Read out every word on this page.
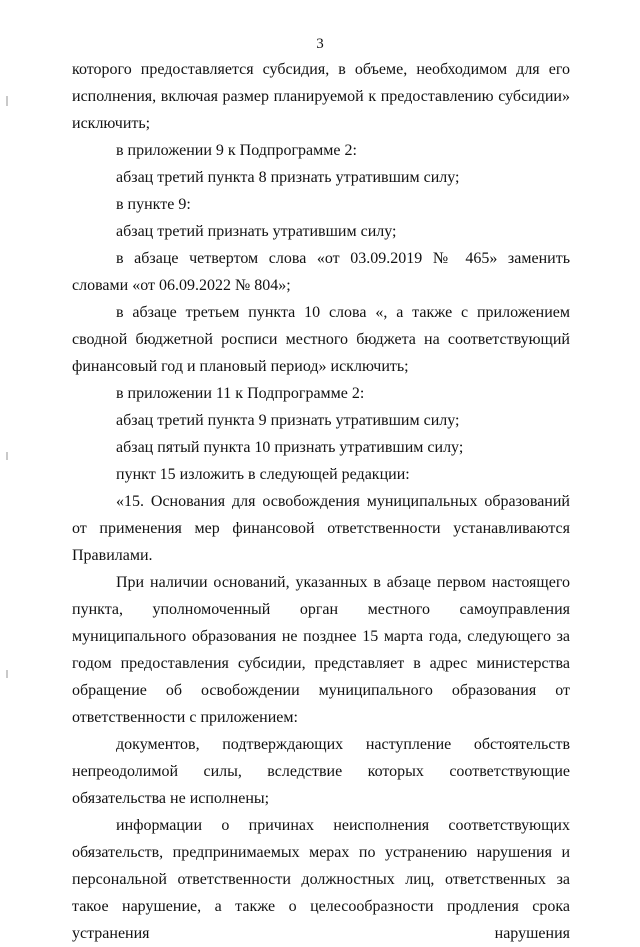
3

которого предоставляется субсидия, в объеме, необходимом для его исполнения, включая размер планируемой к предоставлению субсидии» исключить;

в приложении 9 к Подпрограмме 2:

абзац третий пункта 8 признать утратившим силу;

в пункте 9:

абзац третий признать утратившим силу;

в абзаце четвертом слова «от 03.09.2019 № 465» заменить словами «от 06.09.2022 № 804»;

в абзаце третьем пункта 10 слова «, а также с приложением сводной бюджетной росписи местного бюджета на соответствующий финансовый год и плановый период» исключить;

в приложении 11 к Подпрограмме 2:

абзац третий пункта 9 признать утратившим силу;

абзац пятый пункта 10 признать утратившим силу;

пункт 15 изложить в следующей редакции:

«15. Основания для освобождения муниципальных образований от применения мер финансовой ответственности устанавливаются Правилами.

При наличии оснований, указанных в абзаце первом настоящего пункта, уполномоченный орган местного самоуправления муниципального образования не позднее 15 марта года, следующего за годом предоставления субсидии, представляет в адрес министерства обращение об освобождении муниципального образования от ответственности с приложением:

документов, подтверждающих наступление обстоятельств непреодолимой силы, вследствие которых соответствующие обязательства не исполнены;

информации о причинах неисполнения соответствующих обязательств, предпринимаемых мерах по устранению нарушения и персональной ответственности должностных лиц, ответственных за такое нарушение, а также о целесообразности продления срока устранения нарушения
